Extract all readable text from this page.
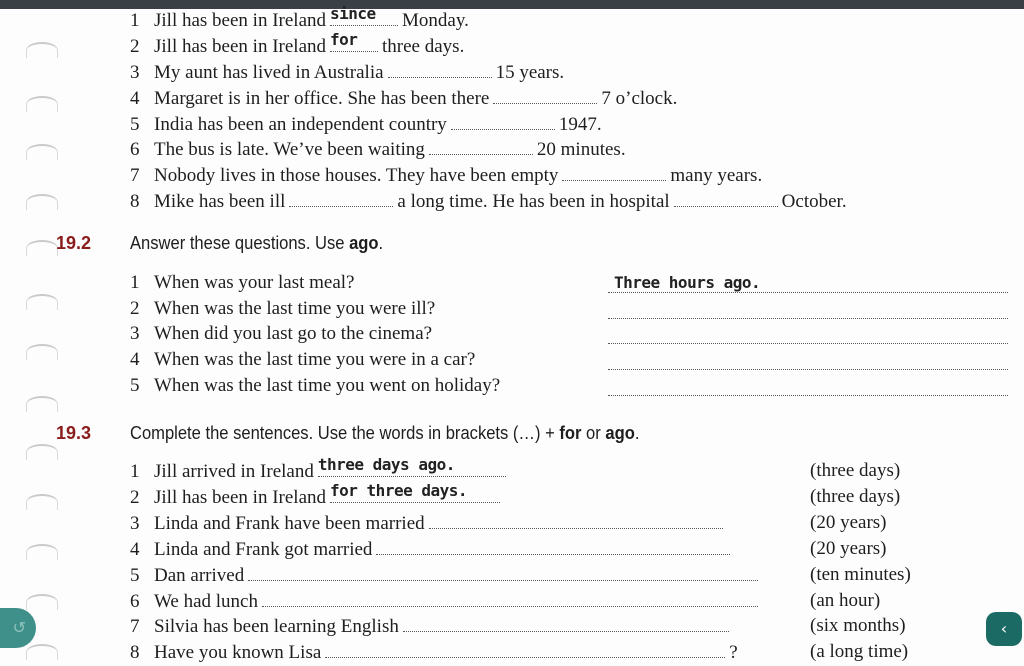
1 Jill has been in Ireland since Monday.
2 Jill has been in Ireland for three days.
3 My aunt has lived in Australia	15 years.
4 Margaret is in her office. She has been there	7 o’clock.
5 India has been an independent country	1947.
6 The bus is late. We’ve been waiting	20 minutes.
7 Nobody lives in those houses. They have been empty	many years.
8 Mike has been ill	a long time. He has been in hospital	October.
19.2 Answer these questions. Use ago.
1 When was your last meal?	Three hours ago.
2 When was the last time you were ill?
3 When did you last go to the cinema?
4 When was the last time you were in a car?
5 When was the last time you went on holiday?
19.3 Complete the sentences. Use the words in brackets (…) + for or ago.
1 Jill arrived in Ireland three days ago.	(three days)
2 Jill has been in Ireland for three days.	(three days)
3 Linda and Frank have been married	(20 years)
4 Linda and Frank got married	(20 years)
5 Dan arrived	(ten minutes)
6 We had lunch	(an hour)
7 Silvia has been learning English	(six months)
8 Have you known Lisa	?	(a long time)
↺	‹
